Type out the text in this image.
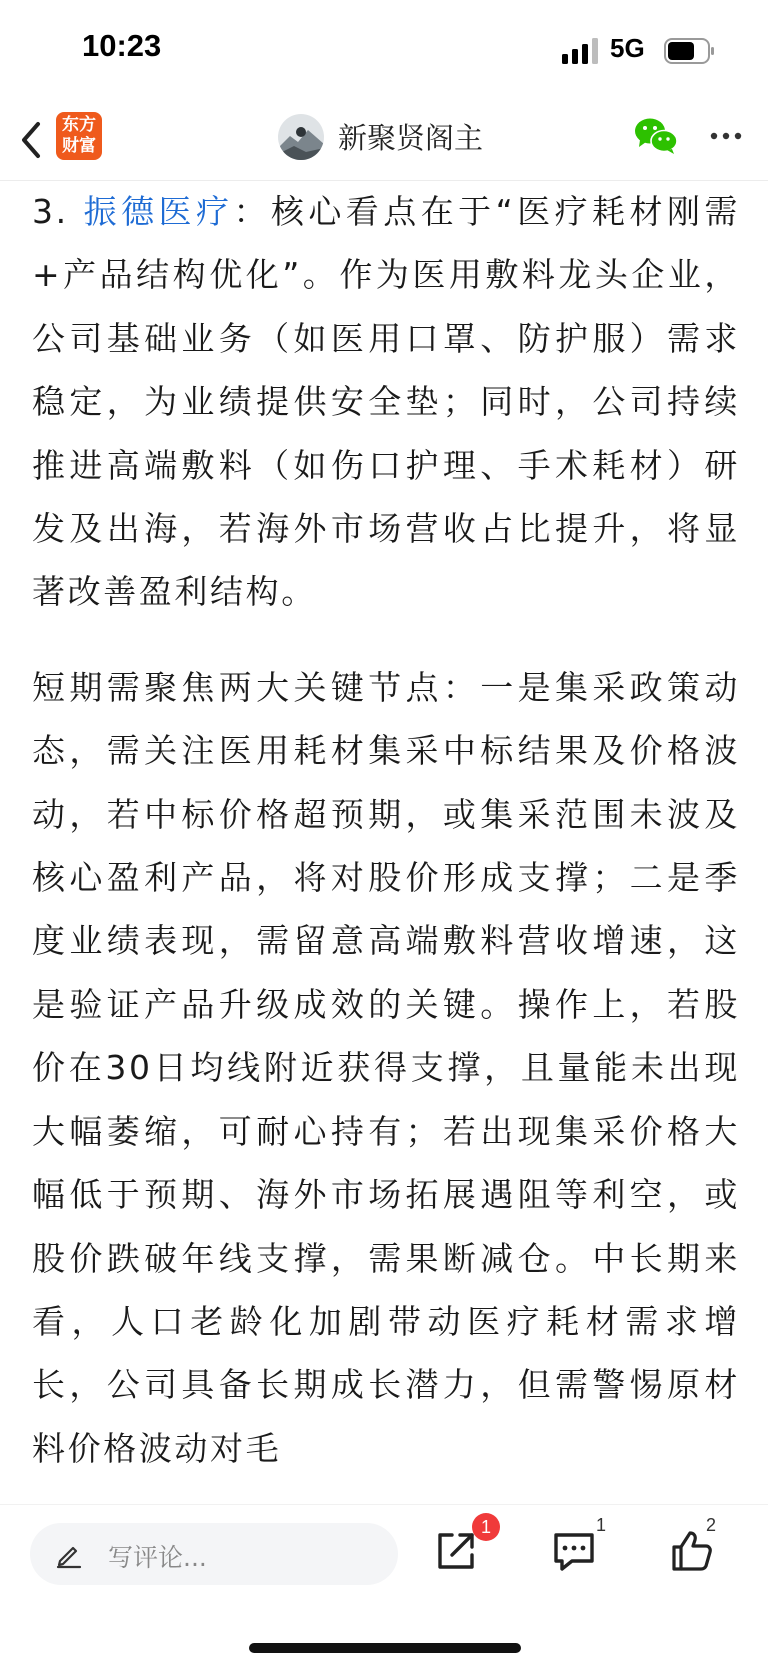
10:23	5G
东方
财富	新聚贤阁主

3. 振德医疗：核心看点在于“医疗耗材刚需+产品结构优化”。作为医用敷料龙头企业，公司基础业务（如医用口罩、防护服）需求稳定，为业绩提供安全垫；同时，公司持续推进高端敷料（如伤口护理、手术耗材）研发及出海，若海外市场营收占比提升，将显著改善盈利结构。

短期需聚焦两大关键节点：一是集采政策动态，需关注医用耗材集采中标结果及价格波动，若中标价格超预期，或集采范围未波及核心盈利产品，将对股价形成支撑；二是季度业绩表现，需留意高端敷料营收增速，这是验证产品升级成效的关键。操作上，若股价在30日均线附近获得支撑，且量能未出现大幅萎缩，可耐心持有；若出现集采价格大幅低于预期、海外市场拓展遇阻等利空，或股价跌破年线支撑，需果断减仓。中长期来看，人口老龄化加剧带动医疗耗材需求增长，公司具备长期成长潜力，但需警惕原材料价格波动对毛

写评论...
1	1	2
